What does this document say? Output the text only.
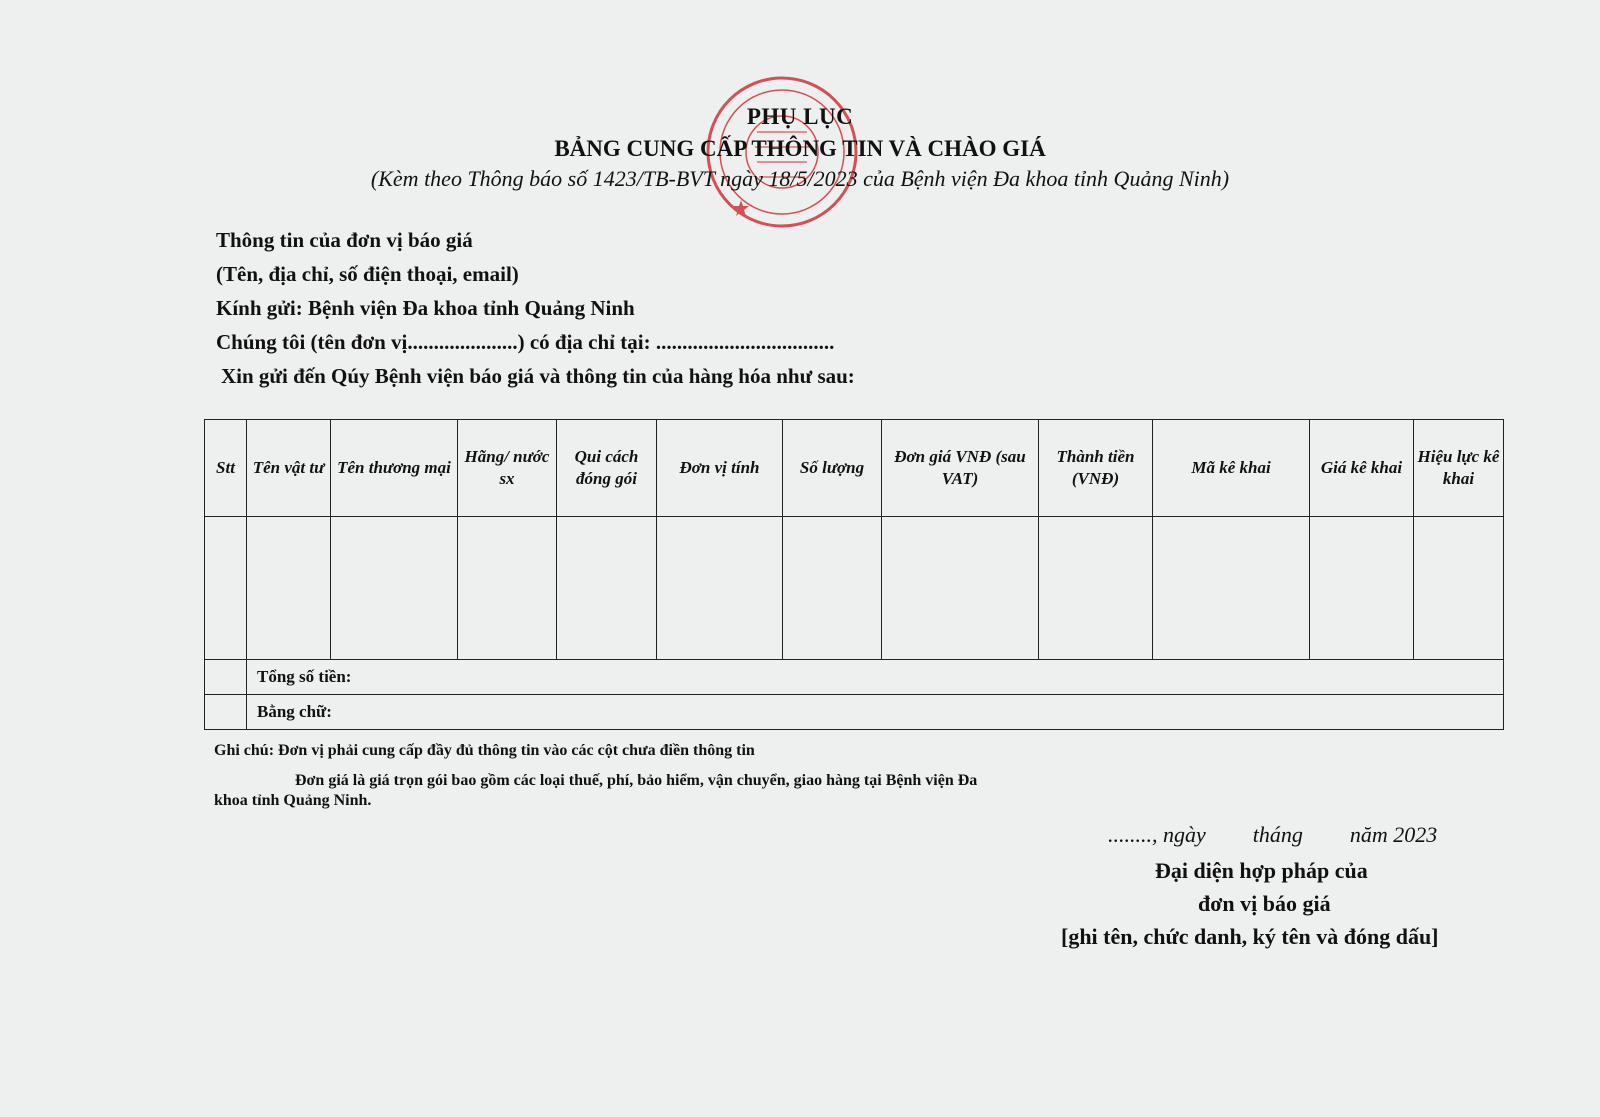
PHỤ LỤC
BẢNG CUNG CẤP THÔNG TIN VÀ CHÀO GIÁ
(Kèm theo Thông báo số 1423/TB-BVT ngày 18/5/2023 của Bệnh viện Đa khoa tỉnh Quảng Ninh)
Thông tin của đơn vị báo giá
(Tên, địa chỉ, số điện thoại, email)
Kính gửi: Bệnh viện Đa khoa tỉnh Quảng Ninh
Chúng tôi (tên đơn vị.....................) có địa chỉ tại: ..................................
Xin gửi đến Qúy Bệnh viện báo giá và thông tin của hàng hóa như sau:
Stt	Tên vật tư	Tên thương mại	Hãng/ nước sx	Qui cách đóng gói	Đơn vị tính	Số lượng	Đơn giá VNĐ (sau VAT)	Thành tiền (VNĐ)	Mã kê khai	Giá kê khai	Hiệu lực kê khai

	Tổng số tiền:										
	Bằng chữ:										
Ghi chú: Đơn vị phải cung cấp đầy đủ thông tin vào các cột chưa điền thông tin
Đơn giá là giá trọn gói bao gồm các loại thuế, phí, bảo hiểm, vận chuyển, giao hàng tại Bệnh viện Đa
khoa tỉnh Quảng Ninh.
........, ngày tháng năm 2023
Đại diện hợp pháp của
đơn vị báo giá
[ghi tên, chức danh, ký tên và đóng dấu]
